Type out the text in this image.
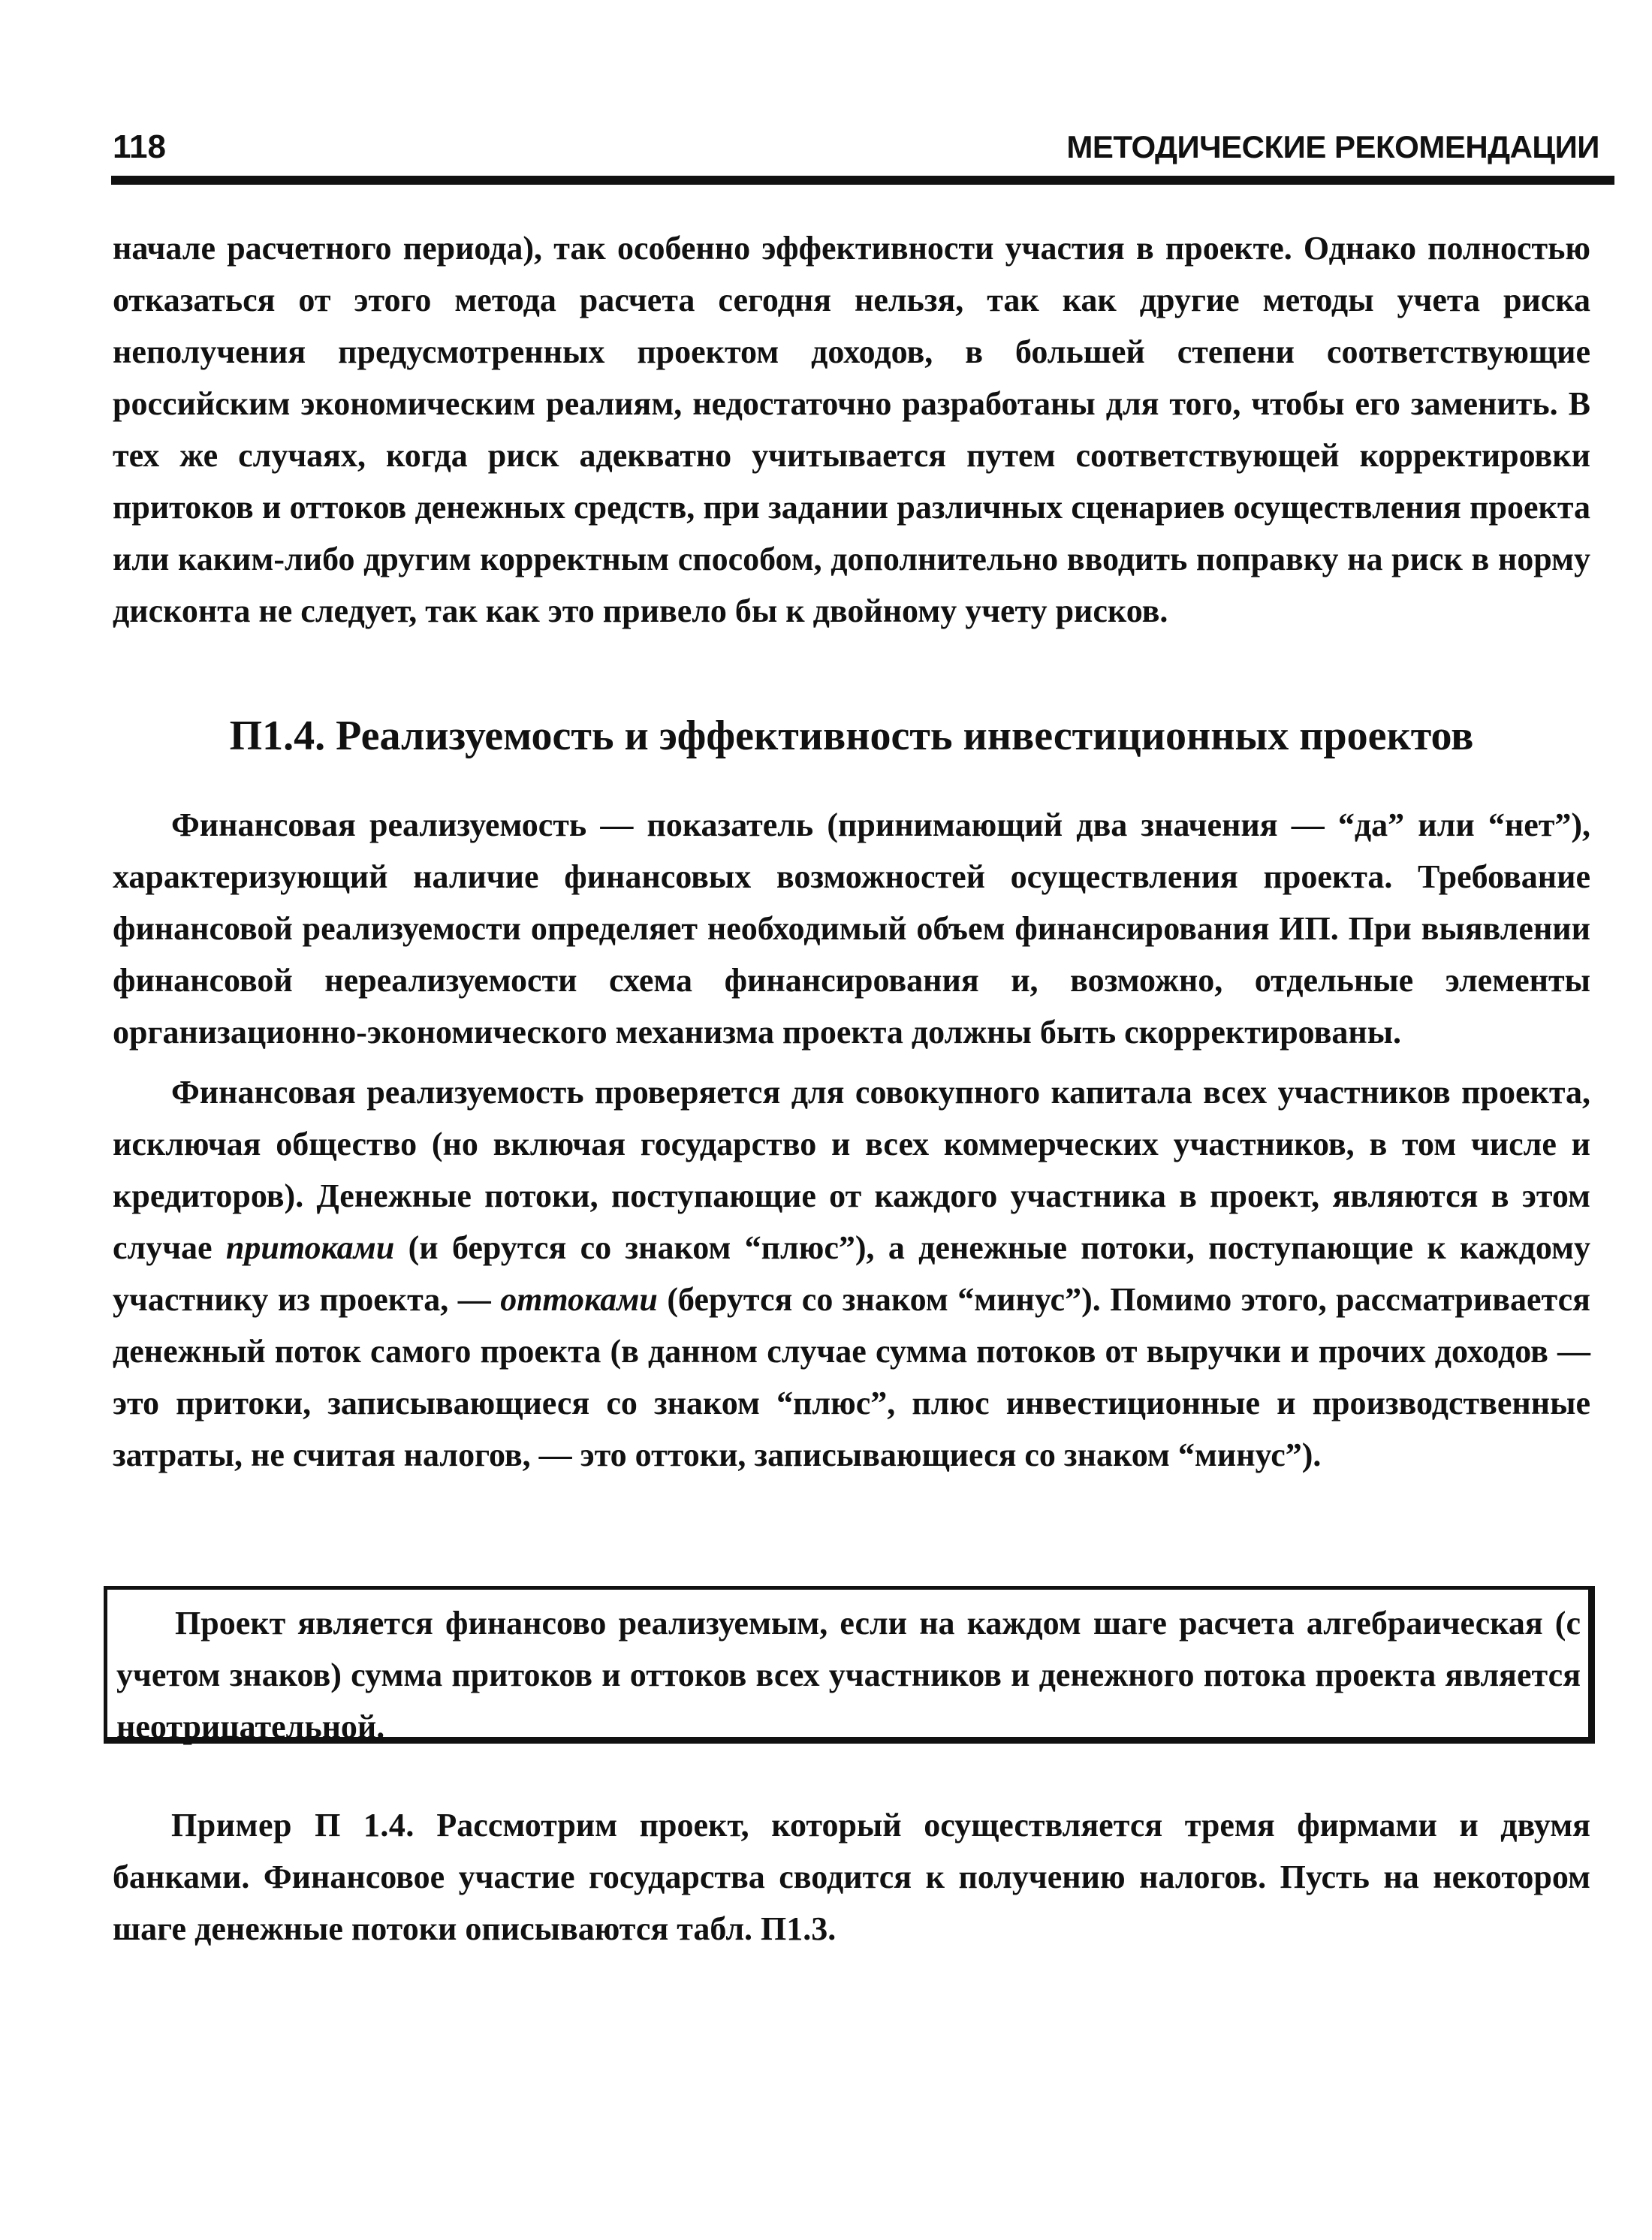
118	МЕТОДИЧЕСКИЕ РЕКОМЕНДАЦИИ

начале расчетного периода), так особенно эффективности участия в проекте. Однако полностью отказаться от этого метода расчета сегодня нельзя, так как другие методы учета риска неполучения предусмотренных проектом доходов, в большей степени соответствующие российским экономическим реалиям, недостаточно разработаны для того, чтобы его заменить. В тех же случаях, когда риск адекватно учитывается путем соответствующей корректировки притоков и оттоков денежных средств, при задании различных сценариев осуществления проекта или каким-либо другим корректным способом, дополнительно вводить поправку на риск в норму дисконта не следует, так как это привело бы к двойному учету рисков.

П1.4. Реализуемость и эффективность инвестиционных проектов

Финансовая реализуемость — показатель (принимающий два значения — “да” или “нет”), характеризующий наличие финансовых возможностей осуществления проекта. Требование финансовой реализуемости определяет необходимый объем финансирования ИП. При выявлении финансовой нереализуемости схема финансирования и, возможно, отдельные элементы организационно-экономического механизма проекта должны быть скорректированы.

Финансовая реализуемость проверяется для совокупного капитала всех участников проекта, исключая общество (но включая государство и всех коммерческих участников, в том числе и кредиторов). Денежные потоки, поступающие от каждого участника в проект, являются в этом случае притоками (и берутся со знаком “плюс”), а денежные потоки, поступающие к каждому участнику из проекта, — оттоками (берутся со знаком “минус”). Помимо этого, рассматривается денежный поток самого проекта (в данном случае сумма потоков от выручки и прочих доходов — это притоки, записывающиеся со знаком “плюс”, плюс инвестиционные и производственные затраты, не считая налогов, — это оттоки, записывающиеся со знаком “минус”).

Проект является финансово реализуемым, если на каждом шаге расчета алгебраическая (с учетом знаков) сумма притоков и оттоков всех участников и денежного потока проекта является неотрицательной.

Пример П 1.4. Рассмотрим проект, который осуществляется тремя фирмами и двумя банками. Финансовое участие государства сводится к получению налогов. Пусть на некотором шаге денежные потоки описываются табл. П1.3.
